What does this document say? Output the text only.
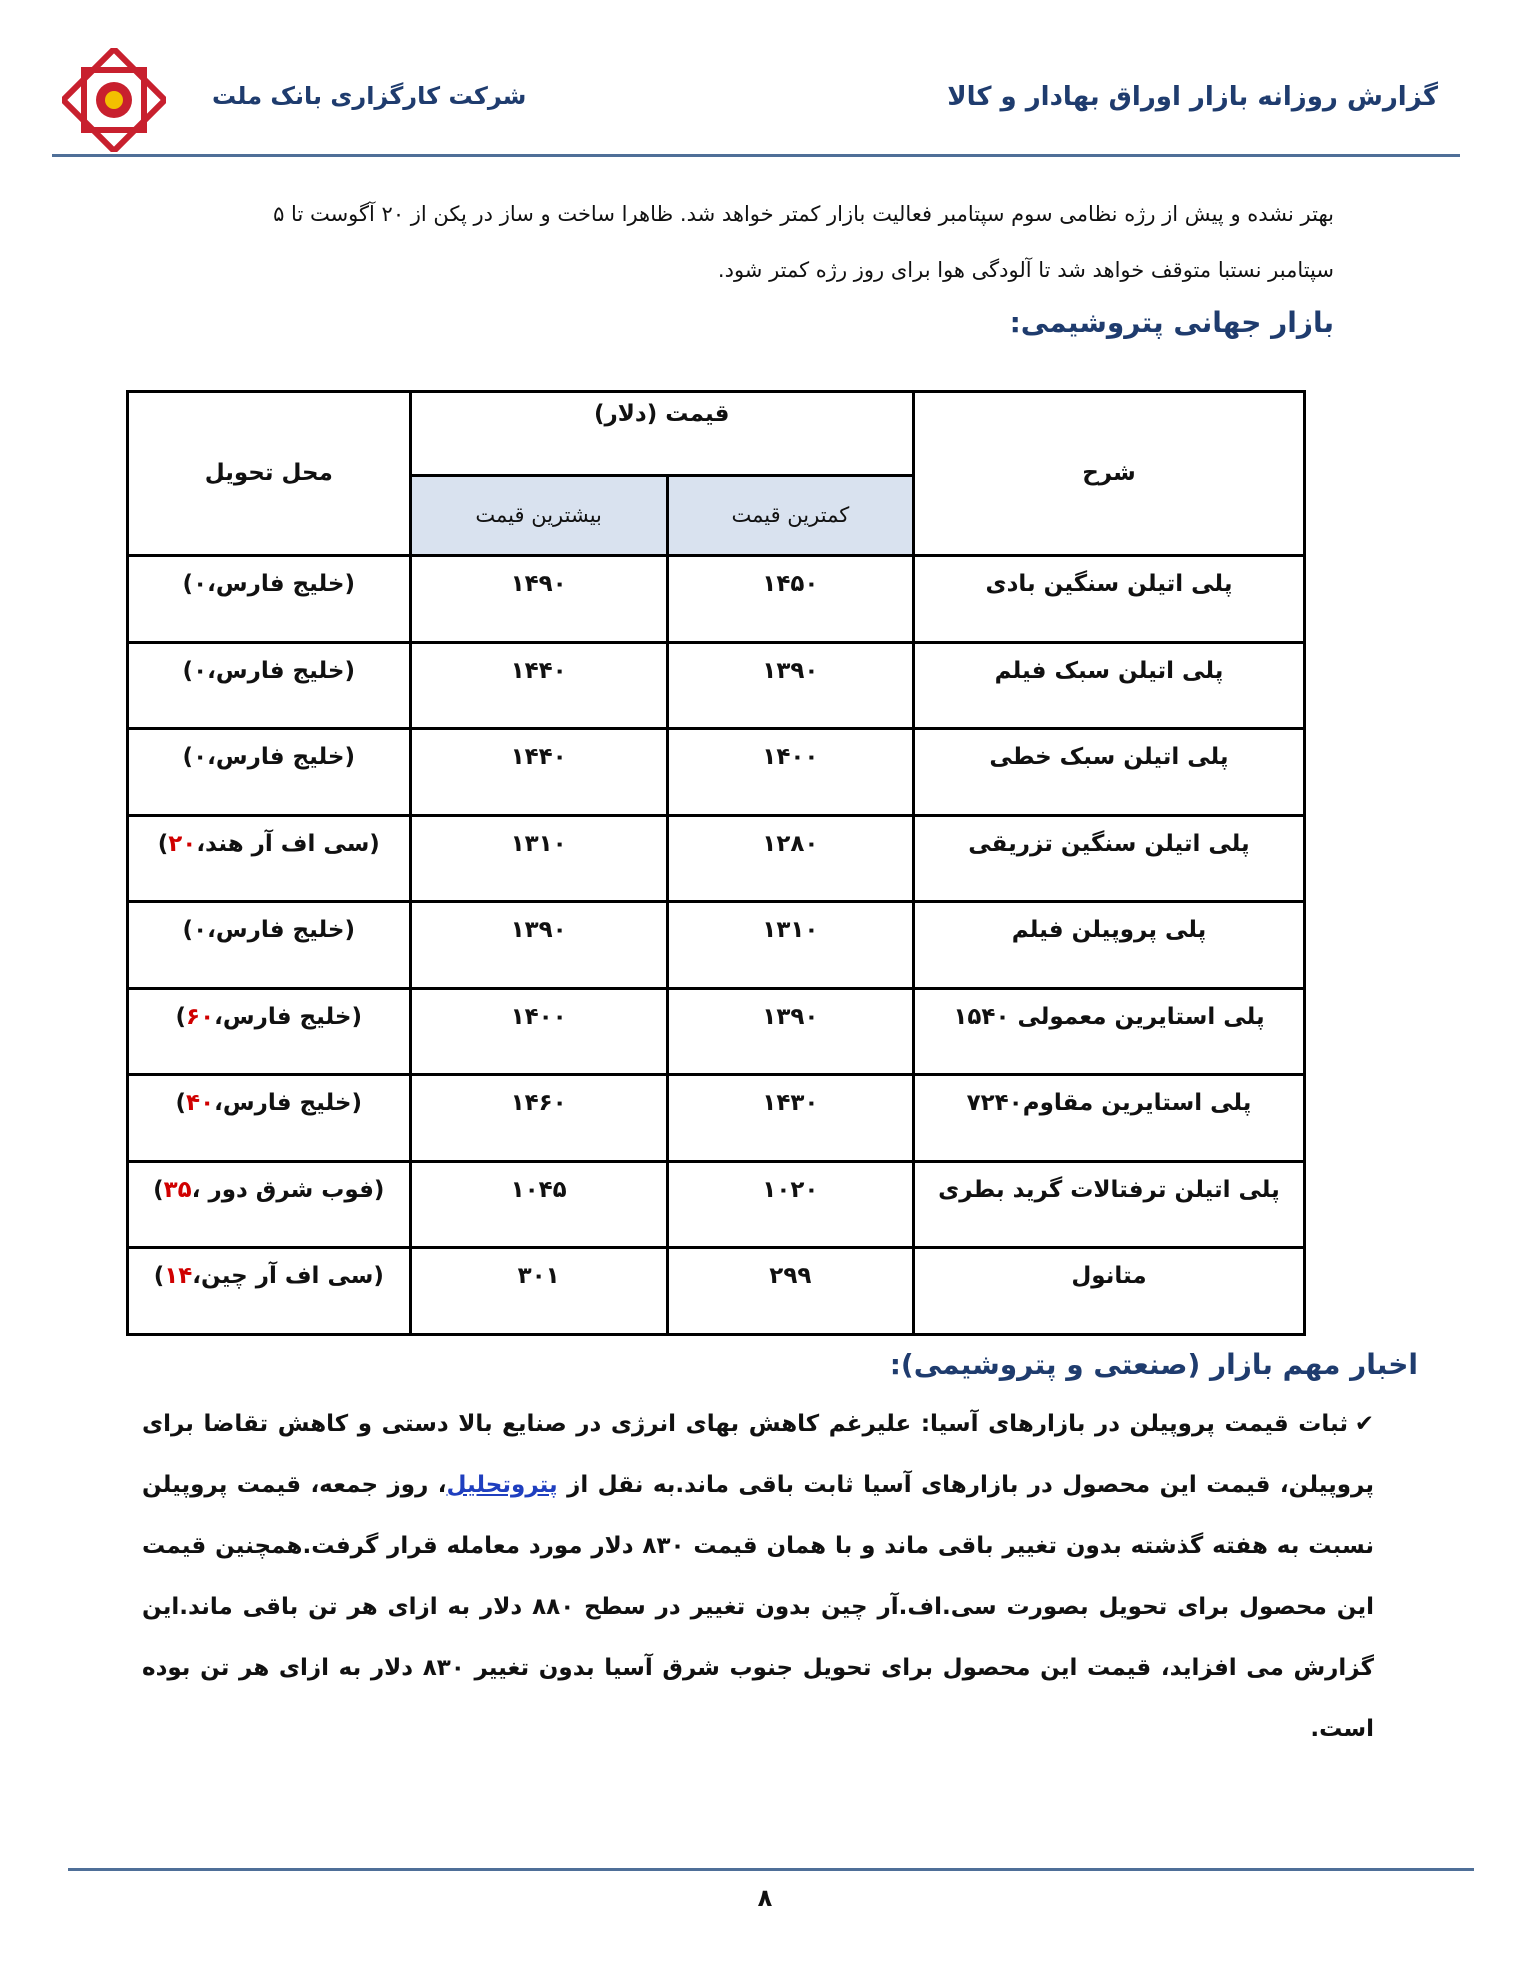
شرکت کارگزاری بانک ملت	گزارش روزانه بازار اوراق بهادار و کالا

بهتر نشده و پیش از رژه نظامی سوم سپتامبر فعالیت بازار کمتر خواهد شد. ظاهرا ساخت و ساز در پکن از ۲۰ آگوست تا ۵

سپتامبر نستبا متوقف خواهد شد تا آلودگی هوا برای روز رژه کمتر شود.

بازار جهانی پتروشیمی:
شرح	قیمت (دلار)		محل تحویل
	کمترین قیمت	بیشترین قیمت	
پلی اتیلن سنگین بادی	۱۴۵۰	۱۴۹۰	(خلیج فارس،۰)
پلی اتیلن سبک فیلم	۱۳۹۰	۱۴۴۰	(خلیج فارس،۰)
پلی اتیلن سبک خطی	۱۴۰۰	۱۴۴۰	(خلیج فارس،۰)
پلی اتیلن سنگین تزریقی	۱۲۸۰	۱۳۱۰	(سی اف آر هند،۲۰)
پلی پروپیلن فیلم	۱۳۱۰	۱۳۹۰	(خلیج فارس،۰)
پلی استایرین معمولی ۱۵۴۰	۱۳۹۰	۱۴۰۰	(خلیج فارس،۶۰)
پلی استایرین مقاوم۷۲۴۰	۱۴۳۰	۱۴۶۰	(خلیج فارس،۴۰)
پلی اتیلن ترفتالات گرید بطری	۱۰۲۰	۱۰۴۵	(فوب شرق دور ،۳۵)
متانول	۲۹۹	۳۰۱	(سی اف آر چین،۱۴)
اخبار مهم بازار (صنعتی و پتروشیمی):

✔ثبات قیمت پروپیلن در بازارهای آسیا: علیرغم کاهش بهای انرژی در صنایع بالا دستی و کاهش تقاضا برای پروپیلن، قیمت این محصول در بازارهای آسیا ثابت باقی ماند.به نقل از پتروتحلیل، روز جمعه، قیمت پروپیلن نسبت به هفته گذشته بدون تغییر باقی ماند و با همان قیمت ۸۳۰ دلار مورد معامله قرار گرفت.همچنین قیمت این محصول برای تحویل بصورت سی.اف.آر چین بدون تغییر در سطح ۸۸۰ دلار به ازای هر تن باقی ماند.این گزارش می افزاید، قیمت این محصول برای تحویل جنوب شرق آسیا بدون تغییر ۸۳۰ دلار به ازای هر تن بوده است.

۸
